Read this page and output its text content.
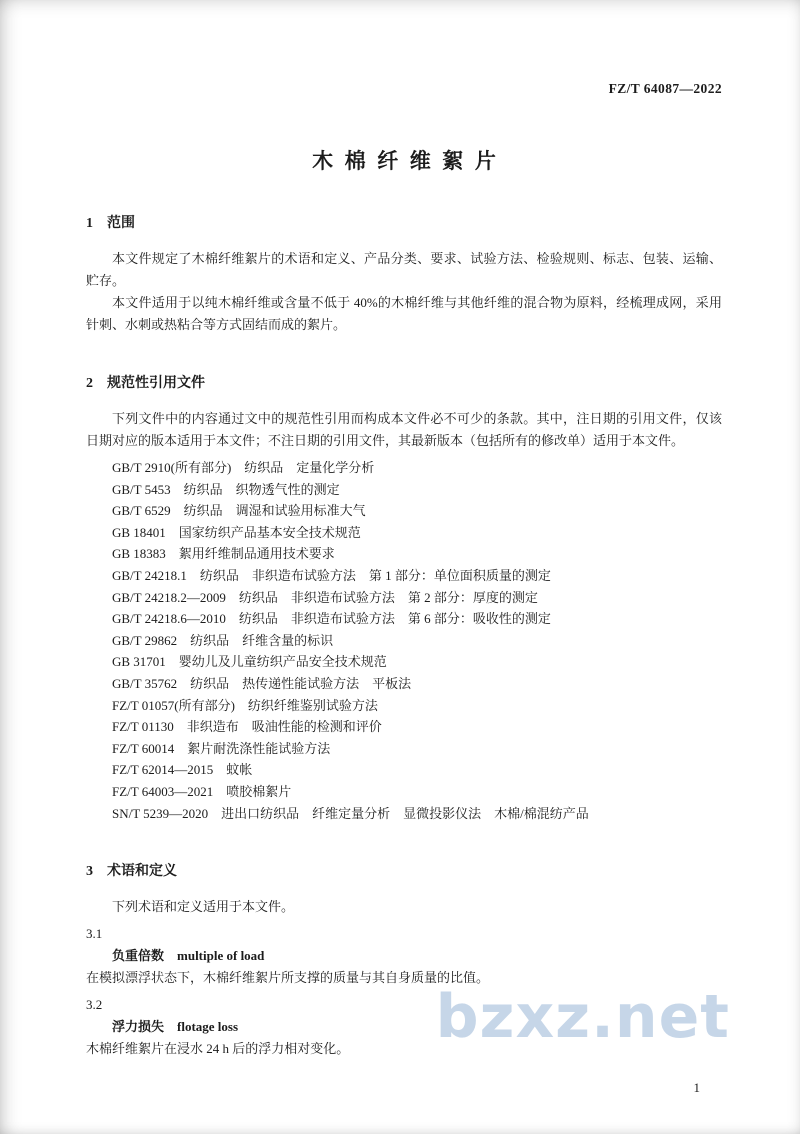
FZ/T 64087—2022
木棉纤维絮片
1 范围

本文件规定了木棉纤维絮片的术语和定义、产品分类、要求、试验方法、检验规则、标志、包装、运输、贮存。

本文件适用于以纯木棉纤维或含量不低于 40%的木棉纤维与其他纤维的混合物为原料，经梳理成网，采用针刺、水刺或热粘合等方式固结而成的絮片。

2 规范性引用文件

下列文件中的内容通过文中的规范性引用而构成本文件必不可少的条款。其中，注日期的引用文件，仅该日期对应的版本适用于本文件；不注日期的引用文件，其最新版本（包括所有的修改单）适用于本文件。

GB/T 2910(所有部分)　纺织品　定量化学分析

GB/T 5453　纺织品　织物透气性的测定

GB/T 6529　纺织品　调湿和试验用标准大气

GB 18401　国家纺织产品基本安全技术规范

GB 18383　絮用纤维制品通用技术要求

GB/T 24218.1　纺织品　非织造布试验方法　第 1 部分：单位面积质量的测定

GB/T 24218.2—2009　纺织品　非织造布试验方法　第 2 部分：厚度的测定

GB/T 24218.6—2010　纺织品　非织造布试验方法　第 6 部分：吸收性的测定

GB/T 29862　纺织品　纤维含量的标识

GB 31701　婴幼儿及儿童纺织产品安全技术规范

GB/T 35762　纺织品　热传递性能试验方法　平板法

FZ/T 01057(所有部分)　纺织纤维鉴别试验方法

FZ/T 01130　非织造布　吸油性能的检测和评价

FZ/T 60014　絮片耐洗涤性能试验方法

FZ/T 62014—2015　蚊帐

FZ/T 64003—2021　喷胶棉絮片

SN/T 5239—2020　进出口纺织品　纤维定量分析　显微投影仪法　木棉/棉混纺产品

3 术语和定义

下列术语和定义适用于本文件。

3.1

负重倍数 multiple of load

在模拟漂浮状态下，木棉纤维絮片所支撑的质量与其自身质量的比值。

3.2

浮力损失 flotage loss

木棉纤维絮片在浸水 24 h 后的浮力相对变化。	bzxz.net
1
